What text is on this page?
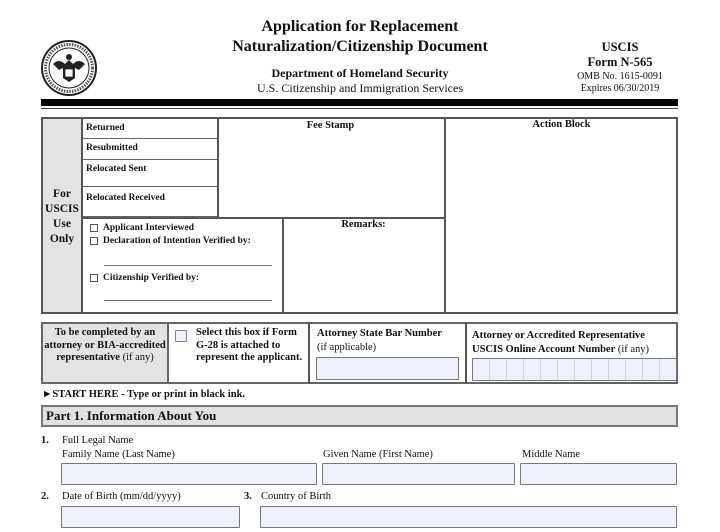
Application for Replacement
Naturalization/Citizenship Document
Department of Homeland Security
U.S. Citizenship and Immigration Services
USCIS
Form N-565
OMB No. 1615-0091
Expires 06/30/2019
For USCIS Use Only
Returned
Resubmitted
Relocated Sent
Relocated Received
Fee Stamp	Action Block
Remarks:
Applicant Interviewed
Declaration of Intention Verified by:
Citizenship Verified by:
To be completed by an attorney or BIA-accredited representative (if any)
Select this box if Form G-28 is attached to represent the applicant.
Attorney State Bar Number
(if applicable)
Attorney or Accredited Representative
USCIS Online Account Number (if any)
►START HERE - Type or print in black ink.
Part 1. Information About You
1. Full Legal Name
Family Name (Last Name)	Given Name (First Name)	Middle Name
2. Date of Birth (mm/dd/yyyy)	3. Country of Birth
